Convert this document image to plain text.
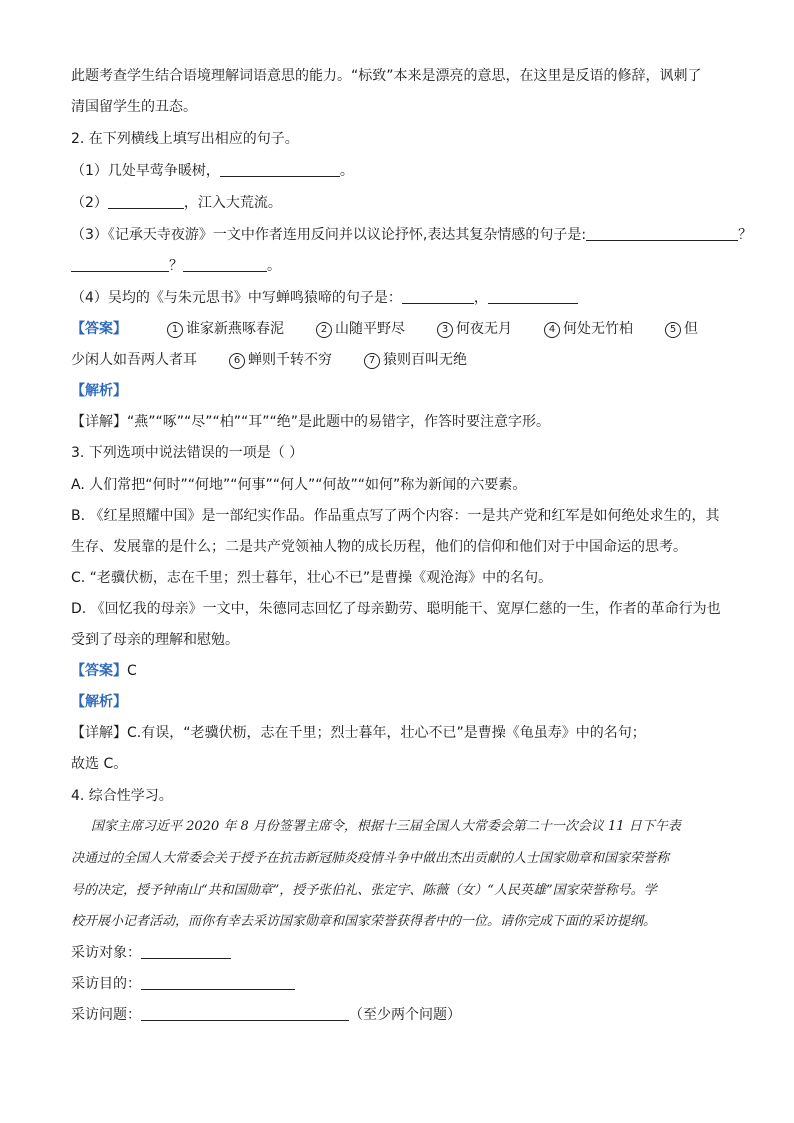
此题考查学生结合语境理解词语意思的能力。“标致”本来是漂亮的意思，在这里是反语的修辞，讽刺了
清国留学生的丑态。
2. 在下列横线上填写出相应的句子。
（1）几处早莺争暖树，	。
（2）	，江入大荒流。
（3）《记承天寺夜游》一文中作者连用反问并以议论抒怀,表达其复杂情感的句子是:	？
？	。
（4）吴均的《与朱元思书》中写蝉鸣猿啼的句子是：	，
【答案】	1 谁家新燕啄春泥	2 山随平野尽	3 何夜无月	4 何处无竹柏	5 但
少闲人如吾两人者耳	6 蝉则千转不穷	7 猿则百叫无绝
【解析】
【详解】“燕”“啄”“尽”“柏”“耳”“绝”是此题中的易错字，作答时要注意字形。
3. 下列选项中说法错误的一项是（ ）
A. 人们常把“何时”“何地”“何事”“何人”“何故”“如何”称为新闻的六要素。
B. 《红星照耀中国》是一部纪实作品。作品重点写了两个内容：一是共产党和红军是如何绝处求生的，其
生存、发展靠的是什么；二是共产党领袖人物的成长历程，他们的信仰和他们对于中国命运的思考。
C. “老骥伏枥，志在千里；烈士暮年，壮心不已”是曹操《观沧海》中的名句。
D. 《回忆我的母亲》一文中，朱德同志回忆了母亲勤劳、聪明能干、宽厚仁慈的一生，作者的革命行为也
受到了母亲的理解和慰勉。
【答案】C
【解析】
【详解】C.有误，“老骥伏枥，志在千里；烈士暮年，壮心不已”是曹操《龟虽寿》中的名句；
故选 C。
4. 综合性学习。
国家主席习近平 2020 年 8 月份签署主席令，根据十三届全国人大常委会第二十一次会议 11 日下午表
决通过的全国人大常委会关于授予在抗击新冠肺炎疫情斗争中做出杰出贡献的人士国家勋章和国家荣誉称
号的决定，授予钟南山“共和国勋章”，授予张伯礼、张定宇、陈薇（女）“人民英雄”国家荣誉称号。学
校开展小记者活动，而你有幸去采访国家勋章和国家荣誉获得者中的一位。请你完成下面的采访提纲。
采访对象：
采访目的：
采访问题：	（至少两个问题）
